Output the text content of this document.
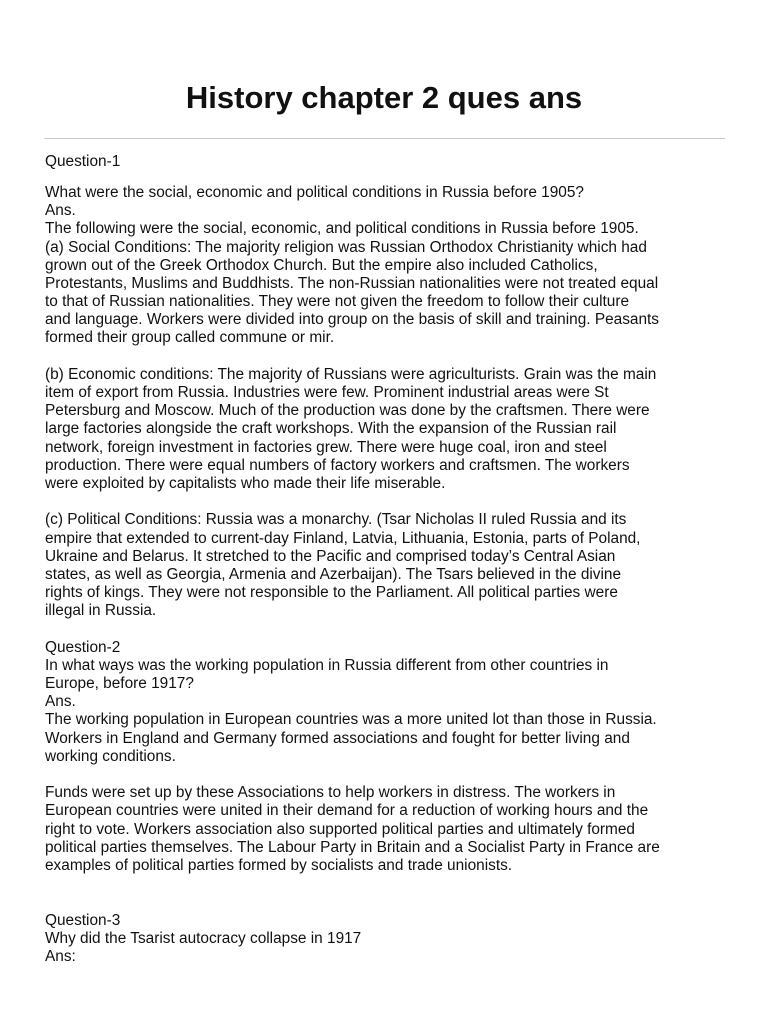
History chapter 2 ques ans
Question-1
What were the social, economic and political conditions in Russia before 1905?
Ans.
The following were the social, economic, and political conditions in Russia before 1905.
(a) Social Conditions: The majority religion was Russian Orthodox Christianity which had
grown out of the Greek Orthodox Church. But the empire also included Catholics,
Protestants, Muslims and Buddhists. The non-Russian nationalities were not treated equal
to that of Russian nationalities. They were not given the freedom to follow their culture
and language. Workers were divided into group on the basis of skill and training. Peasants
formed their group called commune or mir.
(b) Economic conditions: The majority of Russians were agriculturists. Grain was the main
item of export from Russia. Industries were few. Prominent industrial areas were St
Petersburg and Moscow. Much of the production was done by the craftsmen. There were
large factories alongside the craft workshops. With the expansion of the Russian rail
network, foreign investment in factories grew. There were huge coal, iron and steel
production. There were equal numbers of factory workers and craftsmen. The workers
were exploited by capitalists who made their life miserable.
(c) Political Conditions: Russia was a monarchy. (Tsar Nicholas II ruled Russia and its
empire that extended to current-day Finland, Latvia, Lithuania, Estonia, parts of Poland,
Ukraine and Belarus. It stretched to the Pacific and comprised today’s Central Asian
states, as well as Georgia, Armenia and Azerbaijan). The Tsars believed in the divine
rights of kings. They were not responsible to the Parliament. All political parties were
illegal in Russia.
Question-2
In what ways was the working population in Russia different from other countries in
Europe, before 1917?
Ans.
The working population in European countries was a more united lot than those in Russia.
Workers in England and Germany formed associations and fought for better living and
working conditions.
Funds were set up by these Associations to help workers in distress. The workers in
European countries were united in their demand for a reduction of working hours and the
right to vote. Workers association also supported political parties and ultimately formed
political parties themselves. The Labour Party in Britain and a Socialist Party in France are
examples of political parties formed by socialists and trade unionists.
Question-3
Why did the Tsarist autocracy collapse in 1917
Ans:
